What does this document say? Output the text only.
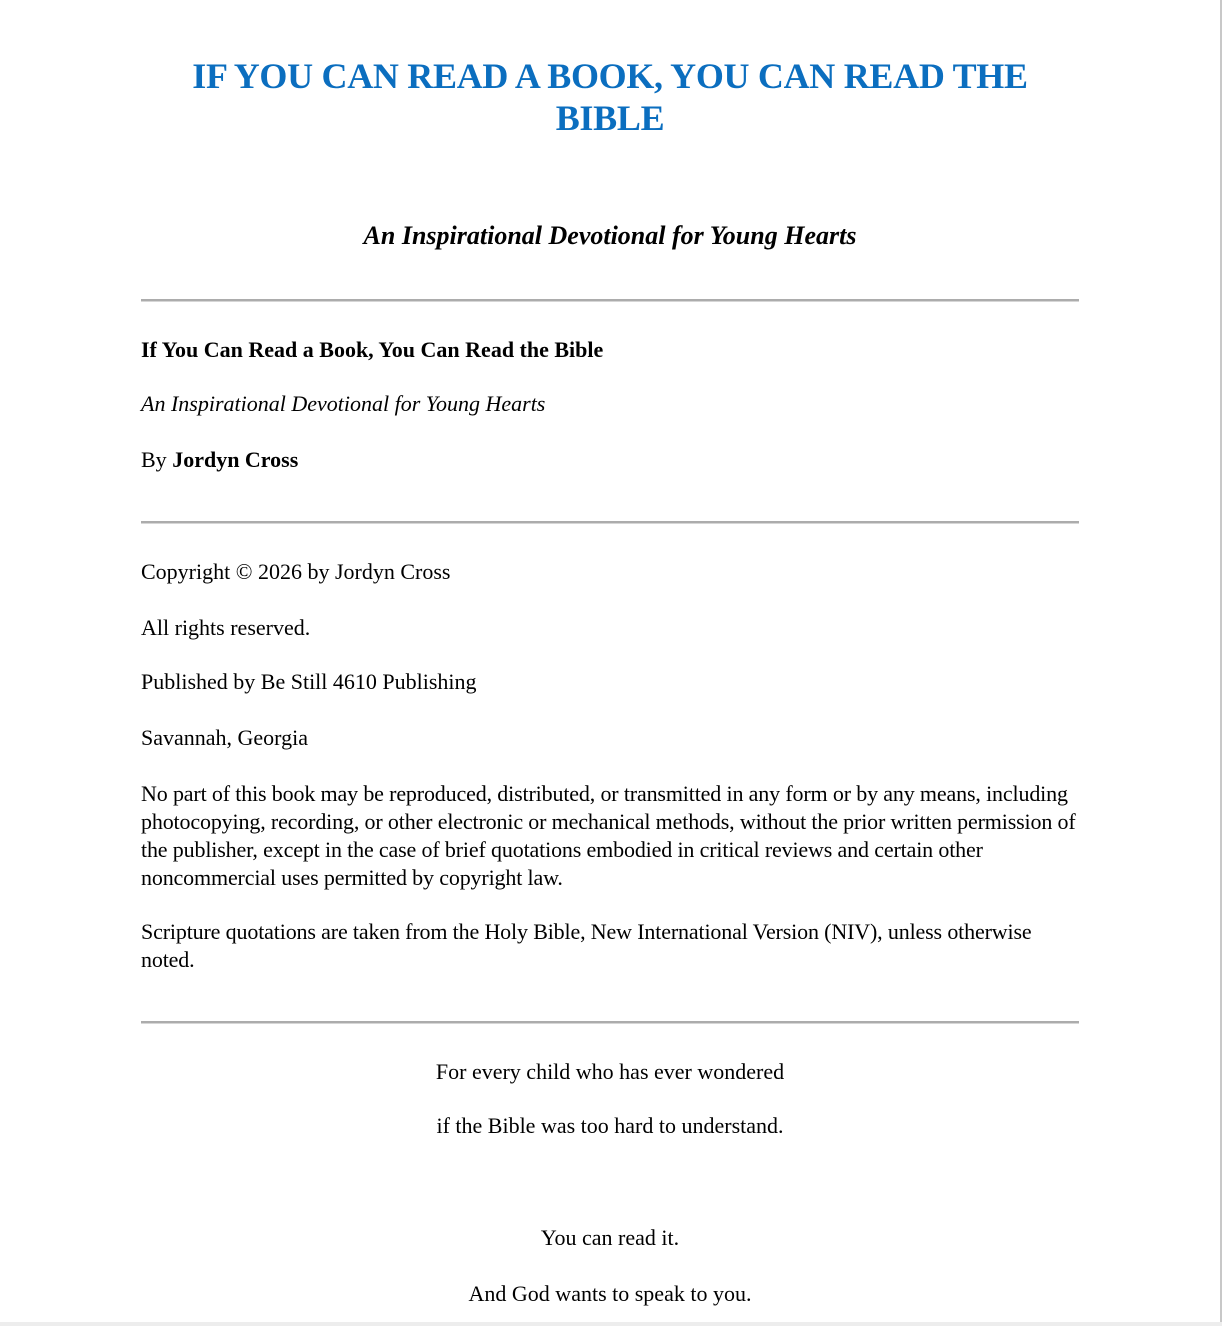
IF YOU CAN READ A BOOK, YOU CAN READ THE BIBLE
An Inspirational Devotional for Young Hearts

If You Can Read a Book, You Can Read the Bible

An Inspirational Devotional for Young Hearts

By Jordyn Cross

Copyright © 2026 by Jordyn Cross

All rights reserved.

Published by Be Still 4610 Publishing

Savannah, Georgia

No part of this book may be reproduced, distributed, or transmitted in any form or by any means, including photocopying, recording, or other electronic or mechanical methods, without the prior written permission of the publisher, except in the case of brief quotations embodied in critical reviews and certain other noncommercial uses permitted by copyright law.

Scripture quotations are taken from the Holy Bible, New International Version (NIV), unless otherwise noted.

For every child who has ever wondered

if the Bible was too hard to understand.

You can read it.

And God wants to speak to you.
